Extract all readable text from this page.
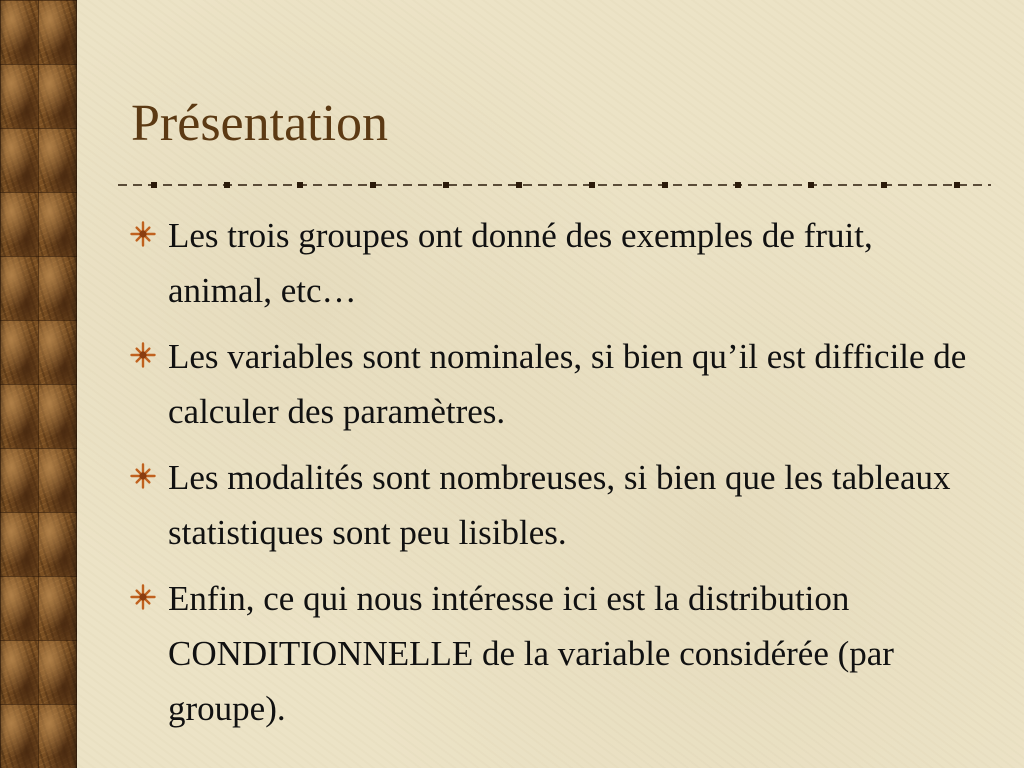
Présentation
Les trois groupes ont donné des exemples de fruit, animal, etc…
Les variables sont nominales, si bien qu’il est difficile de calculer des paramètres.
Les modalités sont nombreuses, si bien que les tableaux statistiques sont peu lisibles.
Enfin, ce qui nous intéresse ici est la distribution CONDITIONNELLE de la variable considérée (par groupe).
